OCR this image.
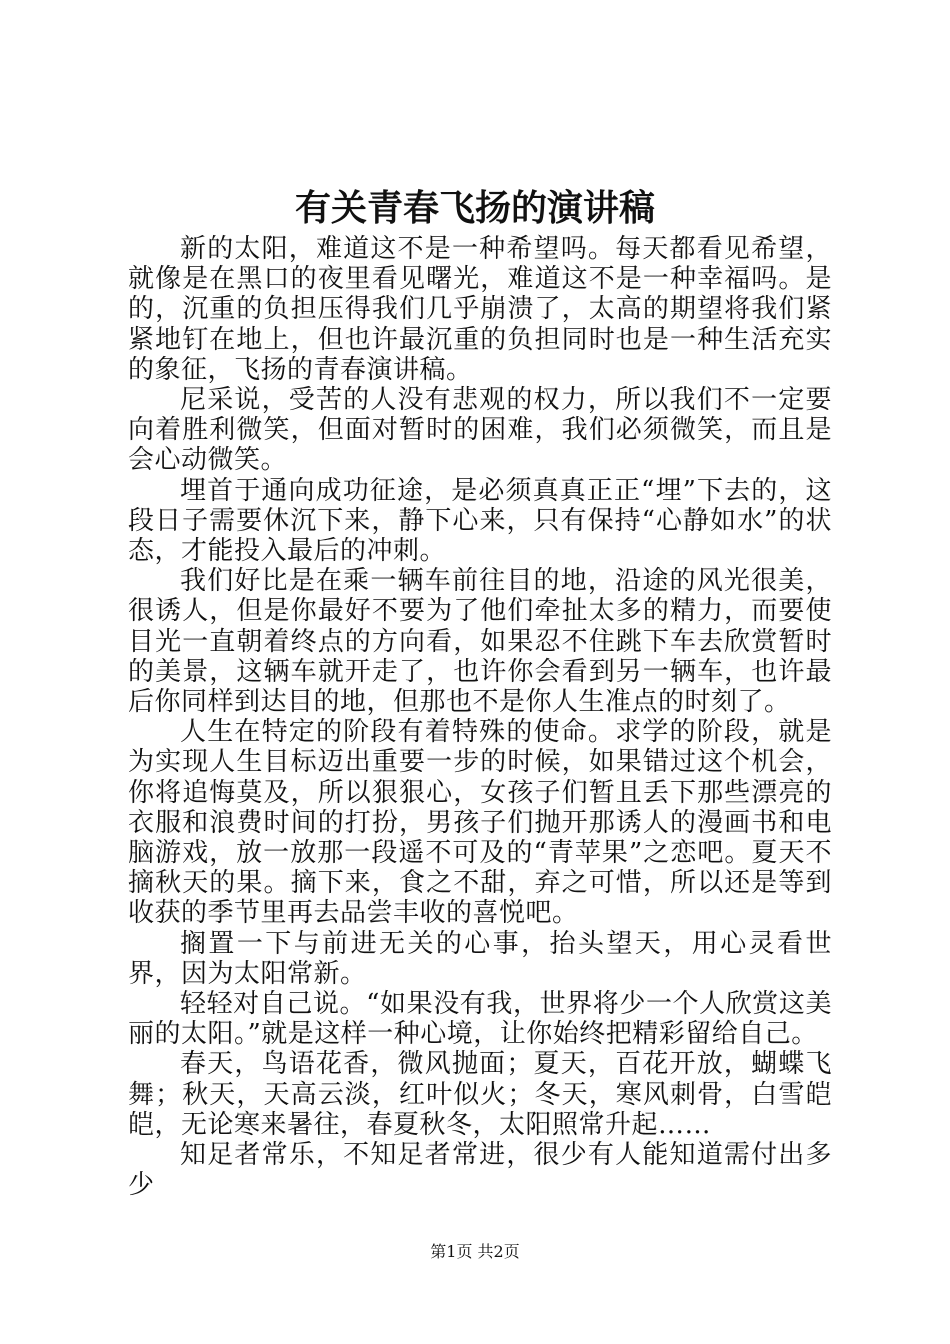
有关青春飞扬的演讲稿

新的太阳，难道这不是一种希望吗。每天都看见希望，就像是在黑口的夜里看见曙光，难道这不是一种幸福吗。是的，沉重的负担压得我们几乎崩溃了，太高的期望将我们紧紧地钉在地上，但也许最沉重的负担同时也是一种生活充实的象征，飞扬的青春演讲稿。

尼采说，受苦的人没有悲观的权力，所以我们不一定要向着胜利微笑，但面对暂时的困难，我们必须微笑，而且是会心动微笑。

埋首于通向成功征途，是必须真真正正“埋”下去的，这段日子需要休沉下来，静下心来，只有保持“心静如水”的状态，才能投入最后的冲刺。

我们好比是在乘一辆车前往目的地，沿途的风光很美，很诱人，但是你最好不要为了他们牵扯太多的精力，而要使目光一直朝着终点的方向看，如果忍不住跳下车去欣赏暂时的美景，这辆车就开走了，也许你会看到另一辆车，也许最后你同样到达目的地，但那也不是你人生准点的时刻了。

人生在特定的阶段有着特殊的使命。求学的阶段，就是为实现人生目标迈出重要一步的时候，如果错过这个机会，你将追悔莫及，所以狠狠心，女孩子们暂且丢下那些漂亮的衣服和浪费时间的打扮，男孩子们抛开那诱人的漫画书和电脑游戏，放一放那一段遥不可及的“青苹果”之恋吧。夏天不摘秋天的果。摘下来，食之不甜，弃之可惜，所以还是等到收获的季节里再去品尝丰收的喜悦吧。

搁置一下与前进无关的心事，抬头望天，用心灵看世界，因为太阳常新。

轻轻对自己说。“如果没有我，世界将少一个人欣赏这美丽的太阳。”就是这样一种心境，让你始终把精彩留给自己。

春天，鸟语花香，微风抛面；夏天，百花开放，蝴蝶飞舞；秋天，天高云淡，红叶似火；冬天，寒风刺骨，白雪皑皑，无论寒来暑往，春夏秋冬，太阳照常升起……

知足者常乐，不知足者常进，很少有人能知道需付出多少

第1页 共2页
